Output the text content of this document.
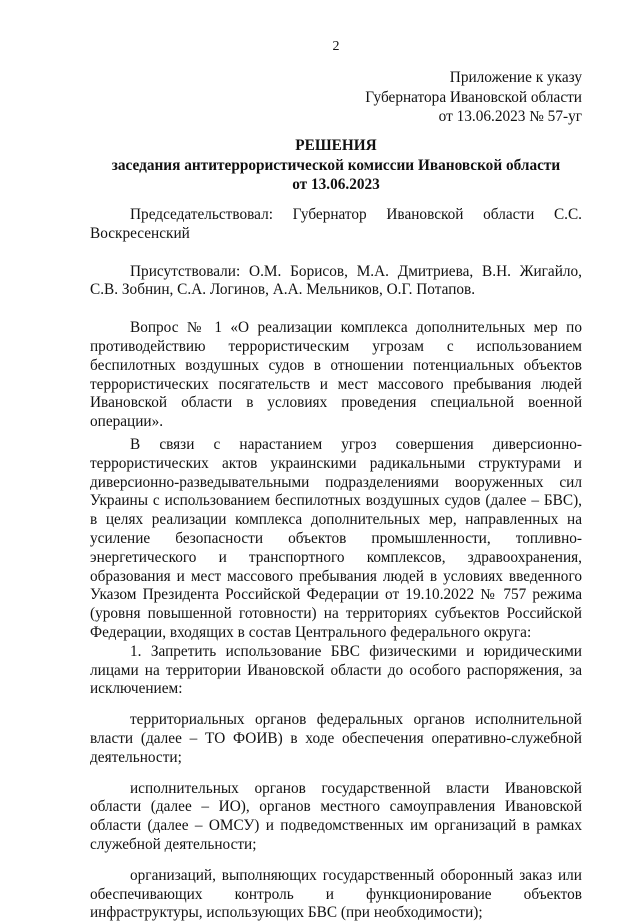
2
Приложение к указу
Губернатора Ивановской области
от 13.06.2023 № 57-уг
РЕШЕНИЯ
заседания антитеррористической комиссии Ивановской области
от 13.06.2023

Председательствовал: Губернатор Ивановской области С.С. Воскресенский

Присутствовали: О.М. Борисов, М.А. Дмитриева, В.Н. Жигайло, С.В. Зобнин, С.А. Логинов, А.А. Мельников, О.Г. Потапов.

Вопрос № 1 «О реализации комплекса дополнительных мер по противодействию террористическим угрозам с использованием беспилотных воздушных судов в отношении потенциальных объектов террористических посягательств и мест массового пребывания людей Ивановской области в условиях проведения специальной военной операции».

В связи с нарастанием угроз совершения диверсионно-террористических актов украинскими радикальными структурами и диверсионно-разведывательными подразделениями вооруженных сил Украины с использованием беспилотных воздушных судов (далее – БВС), в целях реализации комплекса дополнительных мер, направленных на усиление безопасности объектов промышленности, топливно-энергетического и транспортного комплексов, здравоохранения, образования и мест массового пребывания людей в условиях введенного Указом Президента Российской Федерации от 19.10.2022 № 757 режима (уровня повышенной готовности) на территориях субъектов Российской Федерации, входящих в состав Центрального федерального округа:

1. Запретить использование БВС физическими и юридическими лицами на территории Ивановской области до особого распоряжения, за исключением:

территориальных органов федеральных органов исполнительной власти (далее – ТО ФОИВ) в ходе обеспечения оперативно-служебной деятельности;

исполнительных органов государственной власти Ивановской области (далее – ИО), органов местного самоуправления Ивановской области (далее – ОМСУ) и подведомственных им организаций в рамках служебной деятельности;

организаций, выполняющих государственный оборонный заказ или обеспечивающих контроль и функционирование объектов инфраструктуры, использующих БВС (при необходимости);
